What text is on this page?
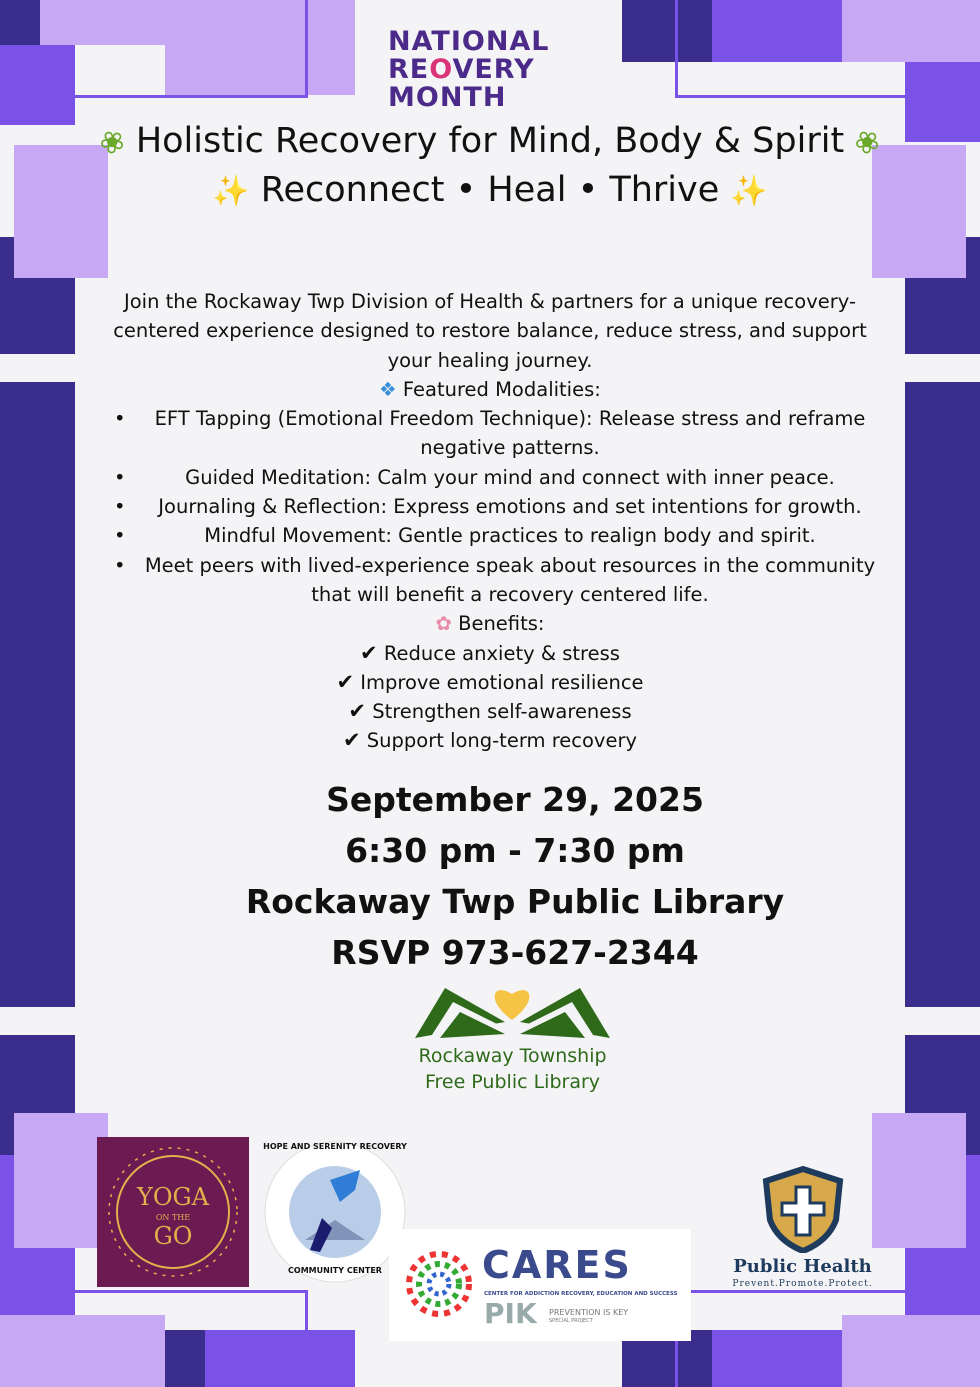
NATIONAL
REOVERY
MONTH
❀ Holistic Recovery for Mind, Body & Spirit ❀
✨ Reconnect • Heal • Thrive ✨

Join the Rockaway Twp Division of Health & partners for a unique recovery-centered experience designed to restore balance, reduce stress, and support your healing journey.

❖ Featured Modalities:

• EFT Tapping (Emotional Freedom Technique): Release stress and reframe negative patterns.
•	Guided Meditation: Calm your mind and connect with inner peace.
• Journaling & Reflection: Express emotions and set intentions for growth.
•	Mindful Movement: Gentle practices to realign body and spirit.
• Meet peers with lived-experience speak about resources in the community that will benefit a recovery centered life.

✿ Benefits:

✔ Reduce anxiety & stress

✔ Improve emotional resilience

✔ Strengthen self-awareness

✔ Support long-term recovery

September 29, 2025
6:30 pm - 7:30 pm
Rockaway Twp Public Library
RSVP 973-627-2344
Rockaway Township
Free Public Library
YOGA
ON THE
GO
HOPE AND SERENITY RECOVERY
COMMUNITY CENTER	CARES
CENTER FOR ADDICTION RECOVERY, EDUCATION AND SUCCESS
PIK PREVENTION IS KEY
SPECIAL PROJECT
Public Health
Prevent.Promote.Protect.
